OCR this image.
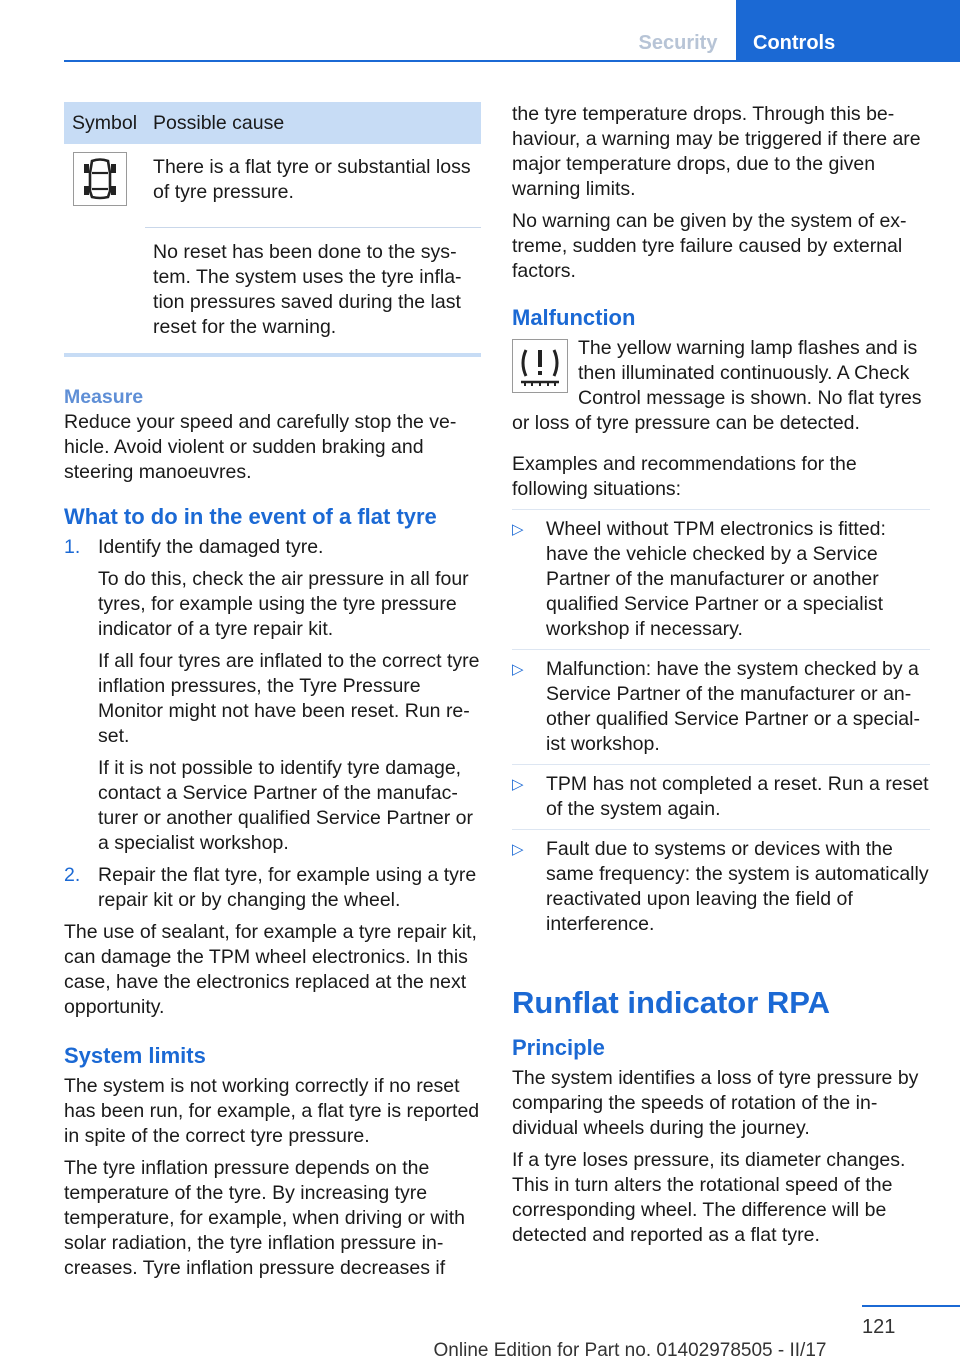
Security	Controls
Symbol	Possible cause

	There is a flat tyre or substantial loss of tyre pressure.
	No reset has been done to the system. The system uses the tyre inflation pressures saved during the last reset for the warning.
Measure

Reduce your speed and carefully stop the vehicle. Avoid violent or sudden braking and steering manoeuvres.

What to do in the event of a flat tyre
1. Identify the damaged tyre.

To do this, check the air pressure in all four tyres, for example using the tyre pressure indicator of a tyre repair kit.

If all four tyres are inflated to the correct tyre inflation pressures, the Tyre Pressure Monitor might not have been reset. Run reset.

If it is not possible to identify tyre damage, contact a Service Partner of the manufacturer or another qualified Service Partner or a specialist workshop.

2. Repair the flat tyre, for example using a tyre repair kit or by changing the wheel.

The use of sealant, for example a tyre repair kit, can damage the TPM wheel electronics. In this case, have the electronics replaced at the next opportunity.

System limits

The system is not working correctly if no reset has been run, for example, a flat tyre is reported in spite of the correct tyre pressure.

The tyre inflation pressure depends on the temperature of the tyre. By increasing tyre temperature, for example, when driving or with solar radiation, the tyre inflation pressure increases. Tyre inflation pressure decreases if

the tyre temperature drops. Through this behaviour, a warning may be triggered if there are major temperature drops, due to the given warning limits.

No warning can be given by the system of extreme, sudden tyre failure caused by external factors.

Malfunction

The yellow warning lamp flashes and is then illuminated continuously. A Check Control message is shown. No flat tyres or loss of tyre pressure can be detected.

Examples and recommendations for the following situations:

▷ Wheel without TPM electronics is fitted: have the vehicle checked by a Service Partner of the manufacturer or another qualified Service Partner or a specialist workshop if necessary.
▷ Malfunction: have the system checked by a Service Partner of the manufacturer or another qualified Service Partner or a specialist workshop.
▷ TPM has not completed a reset. Run a reset of the system again.
▷ Fault due to systems or devices with the same frequency: the system is automatically reactivated upon leaving the field of interference.
Runflat indicator RPA
Principle

The system identifies a loss of tyre pressure by comparing the speeds of rotation of the individual wheels during the journey.

If a tyre loses pressure, its diameter changes. This in turn alters the rotational speed of the corresponding wheel. The difference will be detected and reported as a flat tyre.

121
Online Edition for Part no. 01402978505 - II/17
